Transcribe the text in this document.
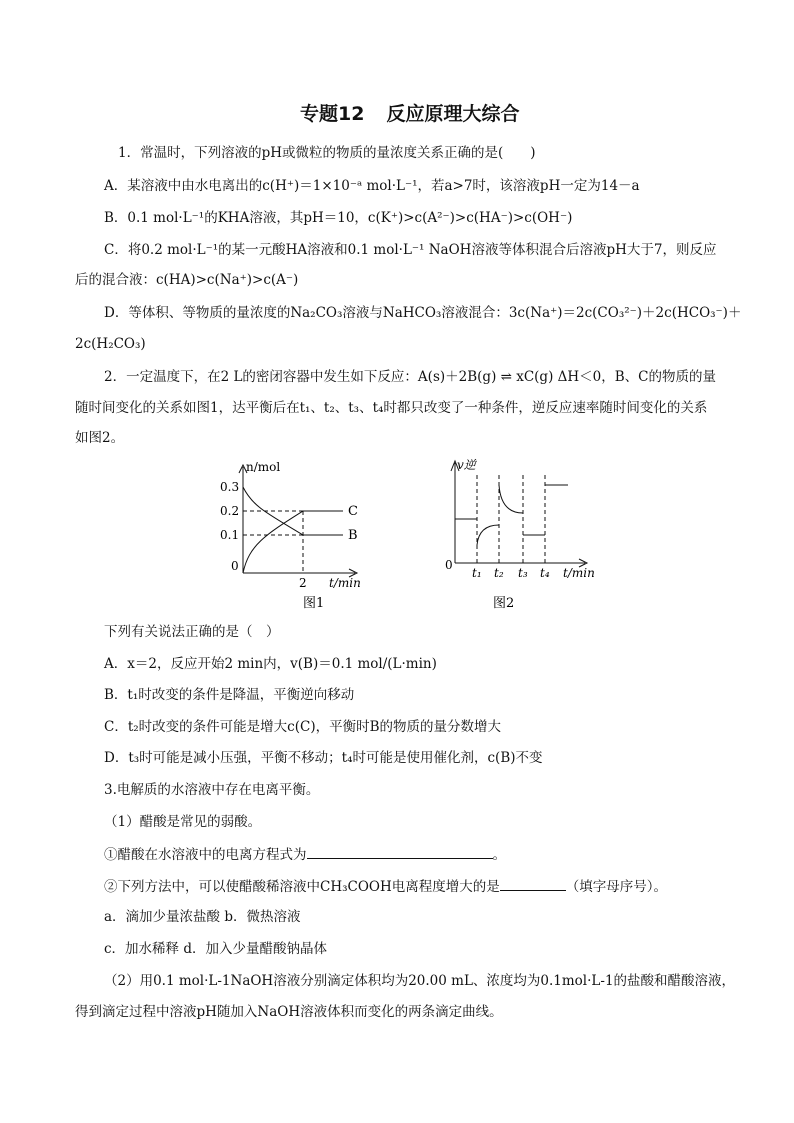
专题12 反应原理大综合
1．常温时，下列溶液的pH或微粒的物质的量浓度关系正确的是(　　)
A．某溶液中由水电离出的c(H⁺)＝1×10⁻ᵃ mol·L⁻¹，若a>7时，该溶液pH一定为14－a
B．0.1 mol·L⁻¹的KHA溶液，其pH＝10，c(K⁺)>c(A²⁻)>c(HA⁻)>c(OH⁻)
C．将0.2 mol·L⁻¹的某一元酸HA溶液和0.1 mol·L⁻¹ NaOH溶液等体积混合后溶液pH大于7，则反应
后的混合液：c(HA)>c(Na⁺)>c(A⁻)
D．等体积、等物质的量浓度的Na₂CO₃溶液与NaHCO₃溶液混合：3c(Na⁺)＝2c(CO₃²⁻)＋2c(HCO₃⁻)＋
2c(H₂CO₃)
2．一定温度下，在2 L的密闭容器中发生如下反应：A(s)＋2B(g) ⇌ xC(g) ΔH＜0，B、C的物质的量
随时间变化的关系如图1，达平衡后在t₁、t₂、t₃、t₄时都只改变了一种条件，逆反应速率随时间变化的关系
如图2。
n/mol
0.3
0.2
0.1
0
2 t/min
C
B
图1
v逆
0
t₁ t₂ t₃ t₄ t/min
图2
下列有关说法正确的是（　）
A．x＝2，反应开始2 min内，v(B)＝0.1 mol/(L·min)
B．t₁时改变的条件是降温，平衡逆向移动
C．t₂时改变的条件可能是增大c(C)，平衡时B的物质的量分数增大
D．t₃时可能是减小压强，平衡不移动；t₄时可能是使用催化剂，c(B)不变
3.电解质的水溶液中存在电离平衡。
（1）醋酸是常见的弱酸。
①醋酸在水溶液中的电离方程式为	。
②下列方法中，可以使醋酸稀溶液中CH₃COOH电离程度增大的是	（填字母序号）。
a．滴加少量浓盐酸 b．微热溶液
c．加水稀释 d．加入少量醋酸钠晶体
（2）用0.1 mol·L-1NaOH溶液分别滴定体积均为20.00 mL、浓度均为0.1mol·L-1的盐酸和醋酸溶液，
得到滴定过程中溶液pH随加入NaOH溶液体积而变化的两条滴定曲线。
